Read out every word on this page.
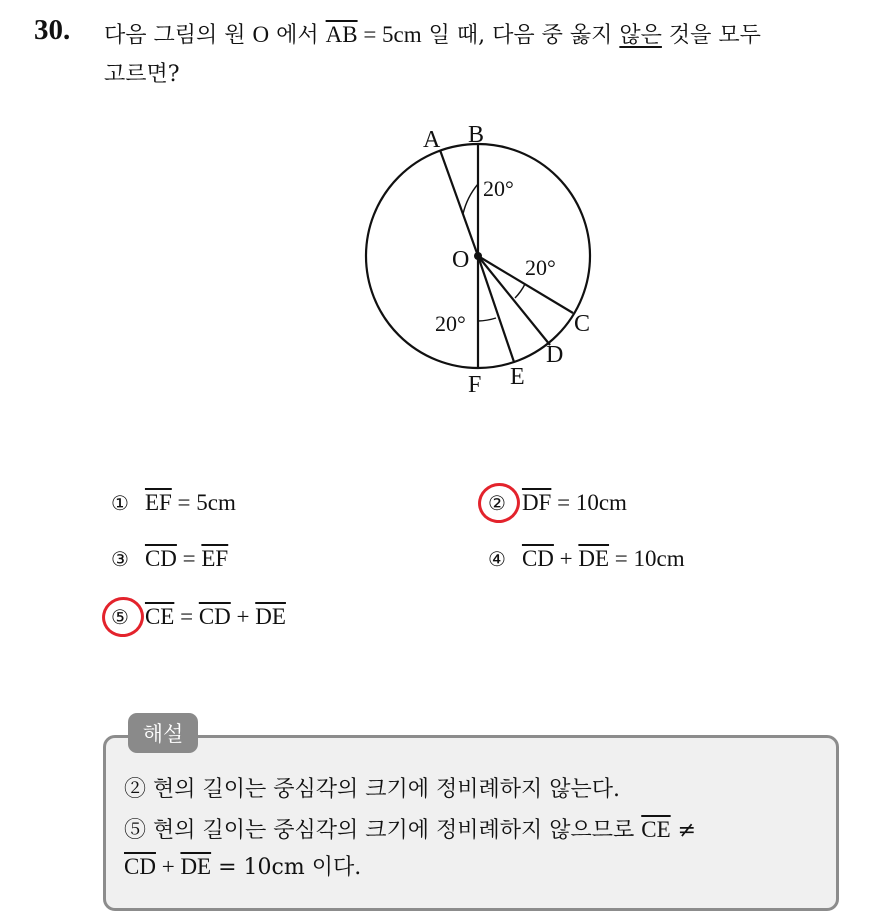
30. 다음 그림의 원 O 에서 $\overline{AB} = 5cm$ 일 때, 다음 중 옳지 않은 것을 모두
고르면?
A B
20°
O	20°
C
20°
D
E
F
① $\overline{EF} = 5cm$	② $\overline{DF} = 10cm$
③ $\overline{CD} = \overline{EF}$	④ $\overline{CD} + \overline{DE} = 10cm$
⑤ $\overline{CE} = \overline{CD} + \overline{DE}$
해설
② 현의 길이는 중심각의 크기에 정비례하지 않는다.
⑤ 현의 길이는 중심각의 크기에 정비례하지 않으므로 $\overline{CE}$ ≠
$\overline{CD} + \overline{DE} = 10cm$ 이다.
